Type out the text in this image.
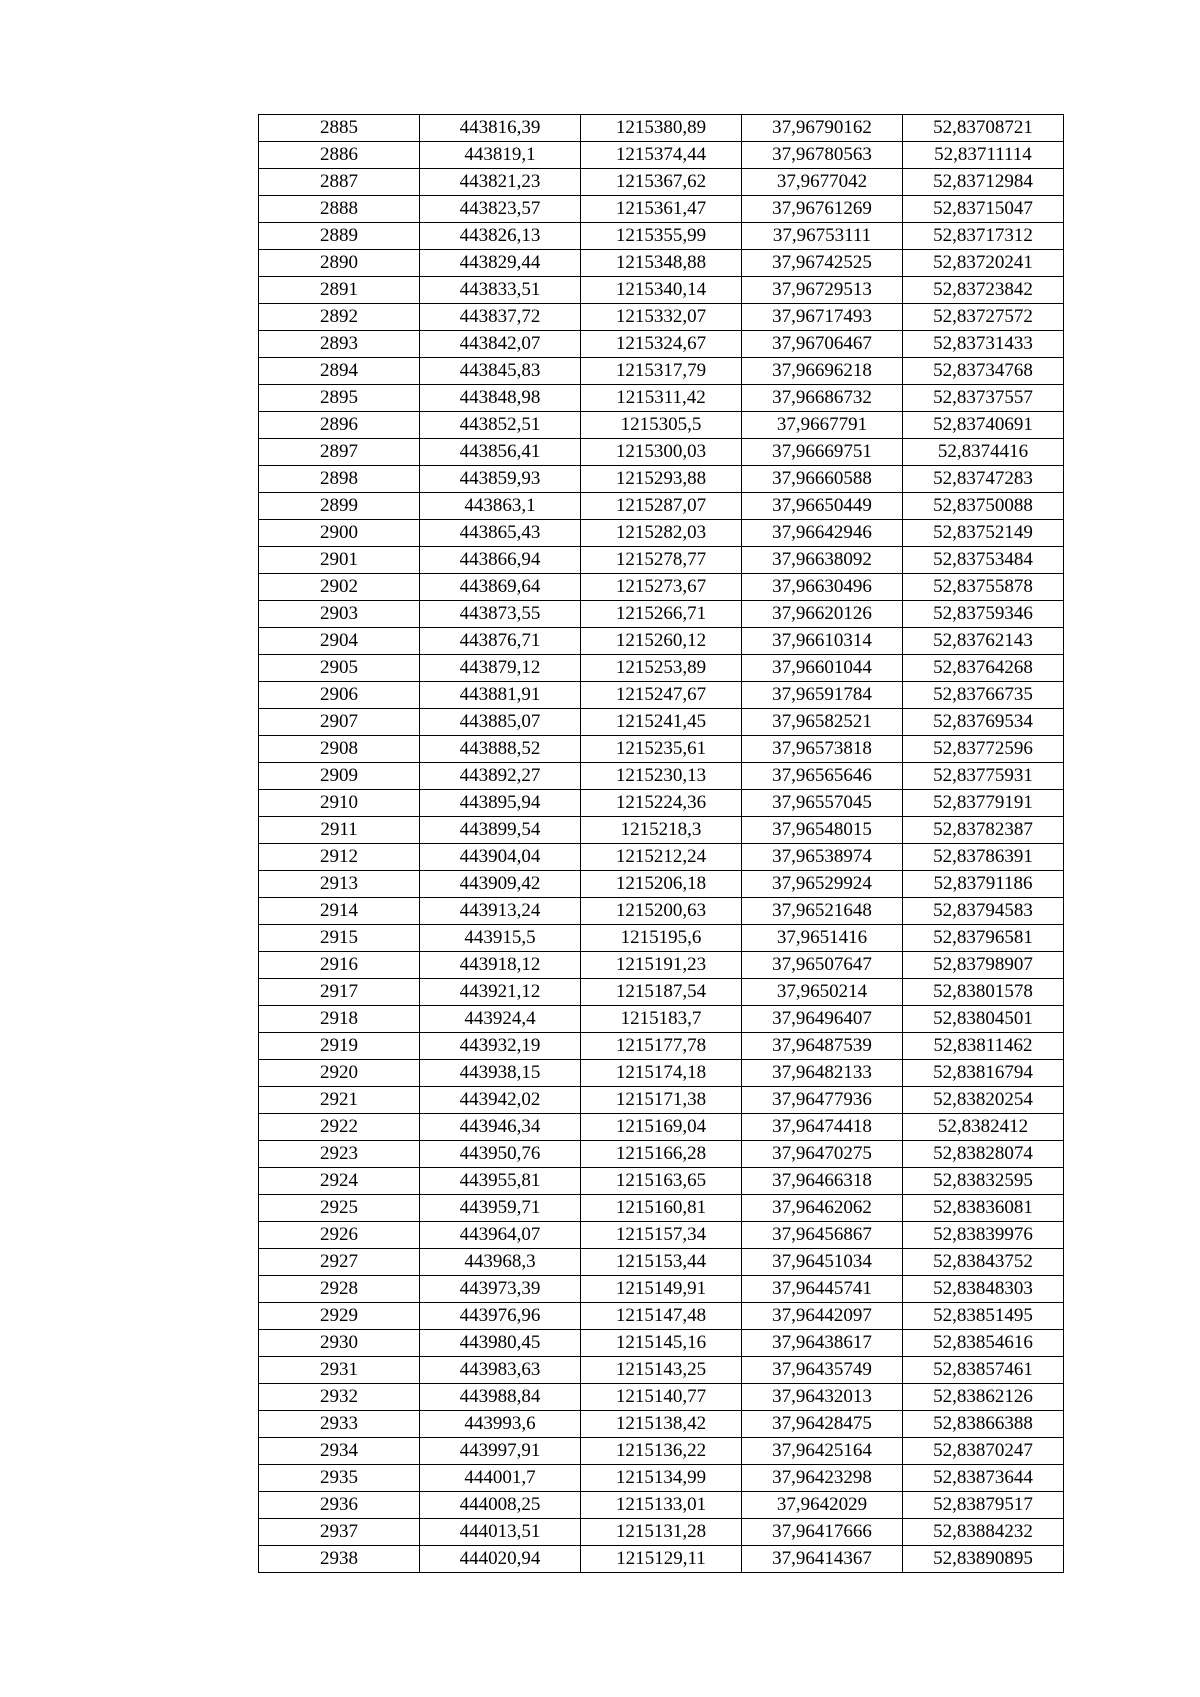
2885	443816,39	1215380,89	37,96790162	52,83708721
2886	443819,1	1215374,44	37,96780563	52,83711114
2887	443821,23	1215367,62	37,9677042	52,83712984
2888	443823,57	1215361,47	37,96761269	52,83715047
2889	443826,13	1215355,99	37,96753111	52,83717312
2890	443829,44	1215348,88	37,96742525	52,83720241
2891	443833,51	1215340,14	37,96729513	52,83723842
2892	443837,72	1215332,07	37,96717493	52,83727572
2893	443842,07	1215324,67	37,96706467	52,83731433
2894	443845,83	1215317,79	37,96696218	52,83734768
2895	443848,98	1215311,42	37,96686732	52,83737557
2896	443852,51	1215305,5	37,9667791	52,83740691
2897	443856,41	1215300,03	37,96669751	52,8374416
2898	443859,93	1215293,88	37,96660588	52,83747283
2899	443863,1	1215287,07	37,96650449	52,83750088
2900	443865,43	1215282,03	37,96642946	52,83752149
2901	443866,94	1215278,77	37,96638092	52,83753484
2902	443869,64	1215273,67	37,96630496	52,83755878
2903	443873,55	1215266,71	37,96620126	52,83759346
2904	443876,71	1215260,12	37,96610314	52,83762143
2905	443879,12	1215253,89	37,96601044	52,83764268
2906	443881,91	1215247,67	37,96591784	52,83766735
2907	443885,07	1215241,45	37,96582521	52,83769534
2908	443888,52	1215235,61	37,96573818	52,83772596
2909	443892,27	1215230,13	37,96565646	52,83775931
2910	443895,94	1215224,36	37,96557045	52,83779191
2911	443899,54	1215218,3	37,96548015	52,83782387
2912	443904,04	1215212,24	37,96538974	52,83786391
2913	443909,42	1215206,18	37,96529924	52,83791186
2914	443913,24	1215200,63	37,96521648	52,83794583
2915	443915,5	1215195,6	37,9651416	52,83796581
2916	443918,12	1215191,23	37,96507647	52,83798907
2917	443921,12	1215187,54	37,9650214	52,83801578
2918	443924,4	1215183,7	37,96496407	52,83804501
2919	443932,19	1215177,78	37,96487539	52,83811462
2920	443938,15	1215174,18	37,96482133	52,83816794
2921	443942,02	1215171,38	37,96477936	52,83820254
2922	443946,34	1215169,04	37,96474418	52,8382412
2923	443950,76	1215166,28	37,96470275	52,83828074
2924	443955,81	1215163,65	37,96466318	52,83832595
2925	443959,71	1215160,81	37,96462062	52,83836081
2926	443964,07	1215157,34	37,96456867	52,83839976
2927	443968,3	1215153,44	37,96451034	52,83843752
2928	443973,39	1215149,91	37,96445741	52,83848303
2929	443976,96	1215147,48	37,96442097	52,83851495
2930	443980,45	1215145,16	37,96438617	52,83854616
2931	443983,63	1215143,25	37,96435749	52,83857461
2932	443988,84	1215140,77	37,96432013	52,83862126
2933	443993,6	1215138,42	37,96428475	52,83866388
2934	443997,91	1215136,22	37,96425164	52,83870247
2935	444001,7	1215134,99	37,96423298	52,83873644
2936	444008,25	1215133,01	37,9642029	52,83879517
2937	444013,51	1215131,28	37,96417666	52,83884232
2938	444020,94	1215129,11	37,96414367	52,83890895
